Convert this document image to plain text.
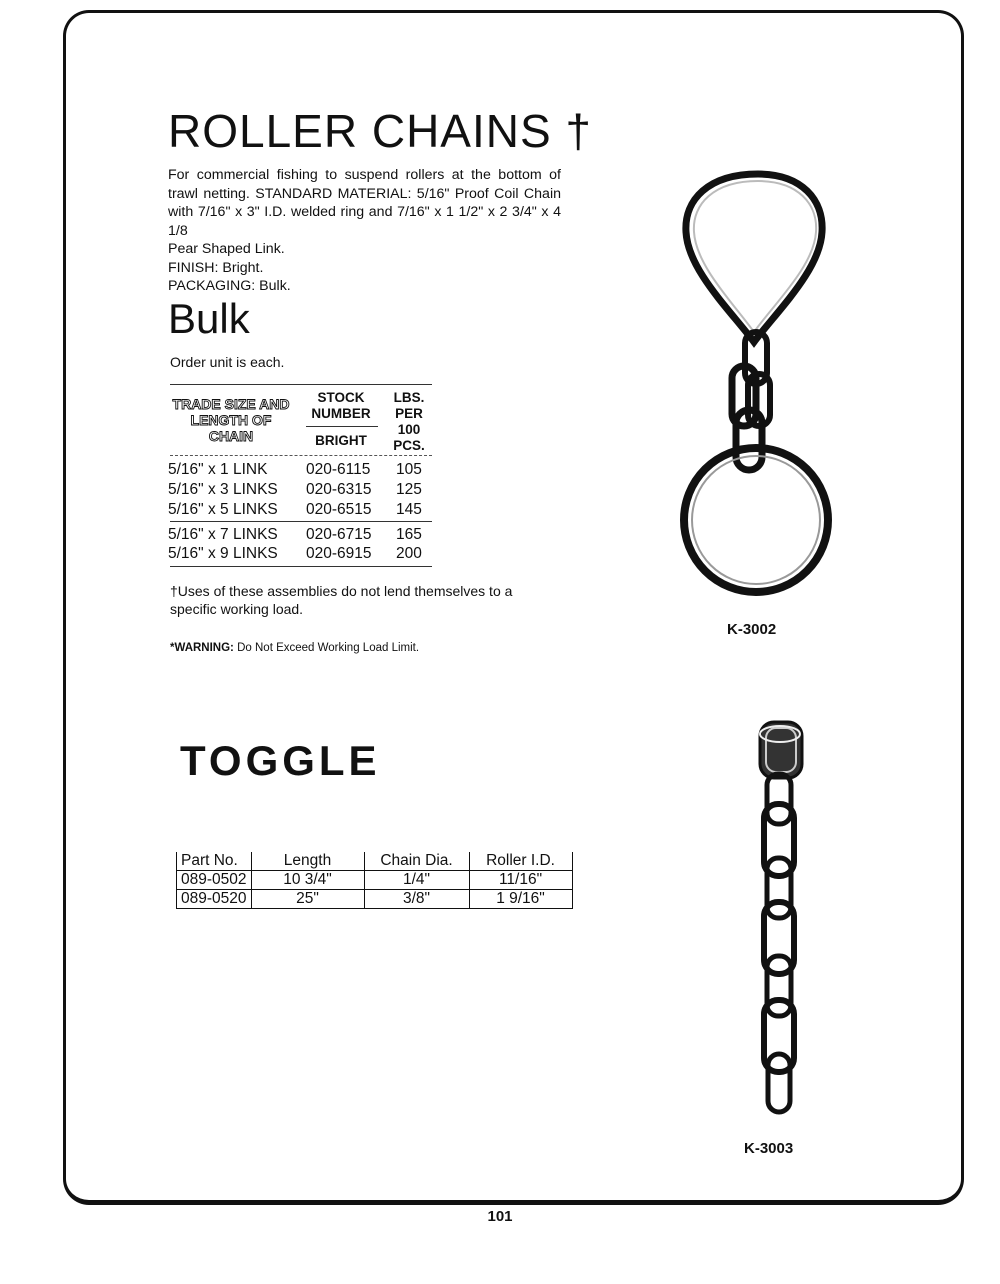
ROLLER CHAINS †

For commercial fishing to suspend rollers at the bottom of

trawl netting. STANDARD MATERIAL: 5/16" Proof Coil Chain

with 7/16" x 3" I.D. welded ring and 7/16" x 1 1/2" x 2 3/4" x 4 1/8

Pear Shaped Link.

FINISH: Bright.

PACKAGING: Bulk.

Bulk
Order unit is each.
TRADE SIZE AND LENGTH OF CHAIN
STOCK NUMBER
BRIGHT
LBS. PER 100 PCS.
5/16" x 1 LINK 020-6115 105
5/16" x 3 LINKS 020-6315 125
5/16" x 5 LINKS 020-6515 145
5/16" x 7 LINKS 020-6715 165
5/16" x 9 LINKS 020-6915 200
†Uses of these assemblies do not lend themselves to a specific working load.
*WARNING: Do Not Exceed Working Load Limit.
K-3002
TOGGLE
Part No.	Length	Chain Dia.	Roller I.D.
089-0502	10 3/4"	1/4"	11/16"
089-0520	25"	3/8"	1 9/16"
K-3003
101
